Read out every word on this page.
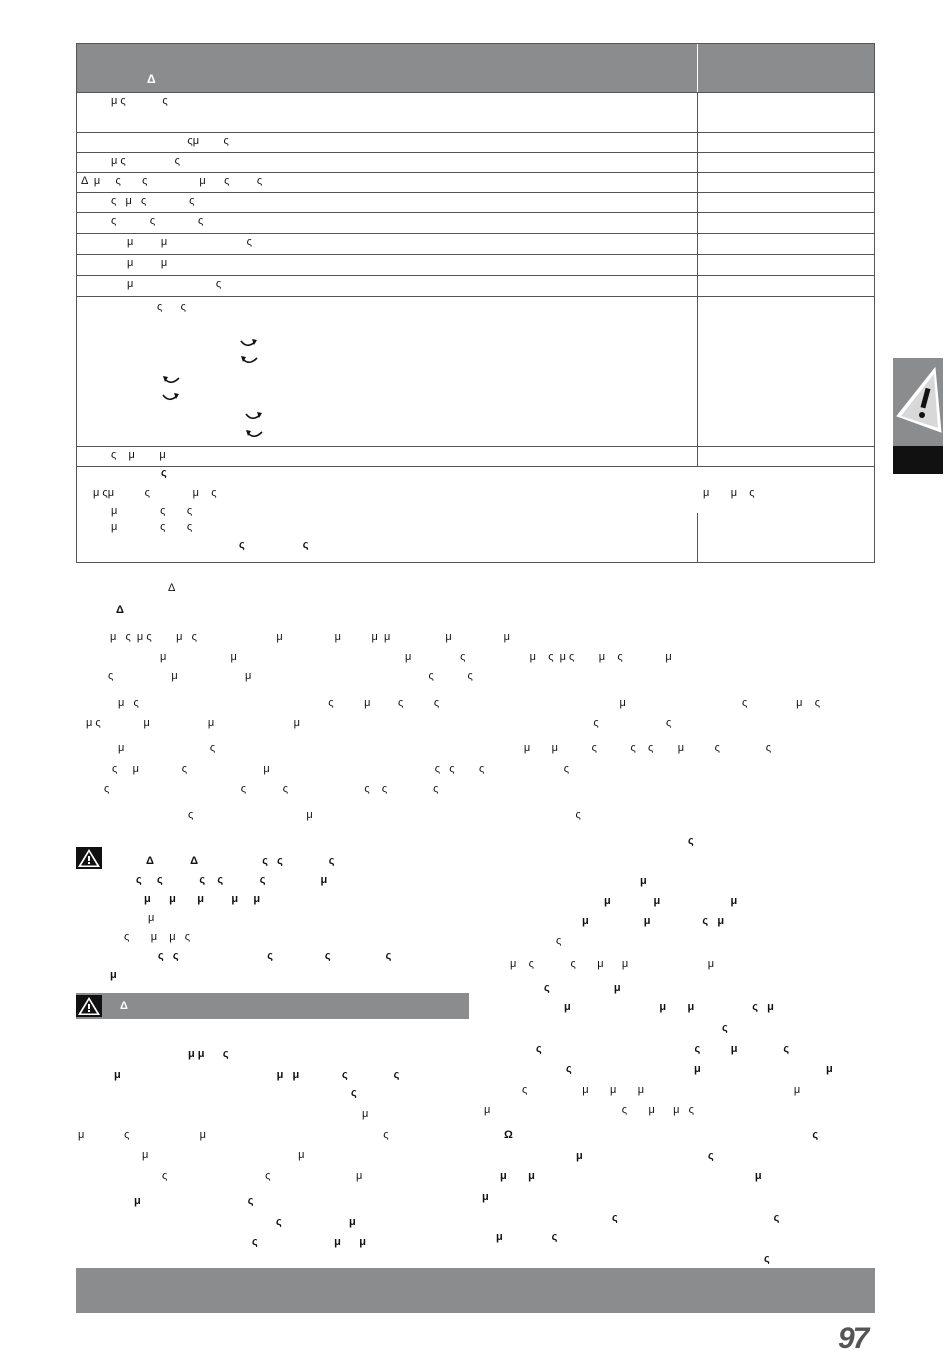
Δ
μ ς            ς
ςμ        ς
μ ς                ς
Δ  μ     ς       ς                 μ      ς         ς
ς   μ   ς              ς
ς           ς              ς
μ         μ                          ς
μ         μ
μ                           ς
ς      ς
ς    μ        μ
ς
μ ςμ          ς              μ    ς
μ              ς       ς
μ              ς       ς
ς                   ς
μ       μ    ς
Δ
Δ
μ   ς  μ ς        μ   ς                          μ                 μ          μ  μ                  μ                 μ
μ                     μ                                                       μ                ς                     μ    ς  μ ς        μ    ς              μ
ς                   μ                      μ                                                          ς           ς
μ   ς                                                              ς          μ         ς          ς                                                           μ                                      ς                μ    ς
μ ς              μ                   μ                          μ                                                                                                ς                      ς
μ                            ς                                                                                                     μ       μ           ς           ς    ς        μ          ς               ς
ς     μ              ς                         μ                                                      ς   ς        ς                          ς
ς                                           ς            ς                         ς    ς               ς
ς                                     μ                                                                                      ς
Δ            Δ                     ς   ς               ς
ς     ς            ς    ς            ς                  μ
μ      μ       μ         μ     μ
μ
ς       μ    μ   ς
ς   ς                             ς                 ς                  ς
μ
Δ
μ μ      ς
μ                                                   μ   μ              ς               ς
ς
μ
μ             ς                       μ                                                          ς
μ                                                 μ
ς                                ς                            μ
μ                                   ς
ς                      μ
ς                         μ      μ
ς
μ
μ              μ                       μ
μ                  μ                 ς   μ
ς
μ    ς            ς       μ      μ                          μ
ς                     μ
μ                             μ       μ                   ς   μ
ς
ς                                                  ς          μ               ς
ς                                        μ                                         μ
ς                  μ       μ       μ                                                 μ
μ                                           ς       μ      μ   ς
Ω                                                                                                  ς
μ                                         ς
μ       μ                                                                        μ
μ
ς                                                   ς
μ                ς
ς
97
